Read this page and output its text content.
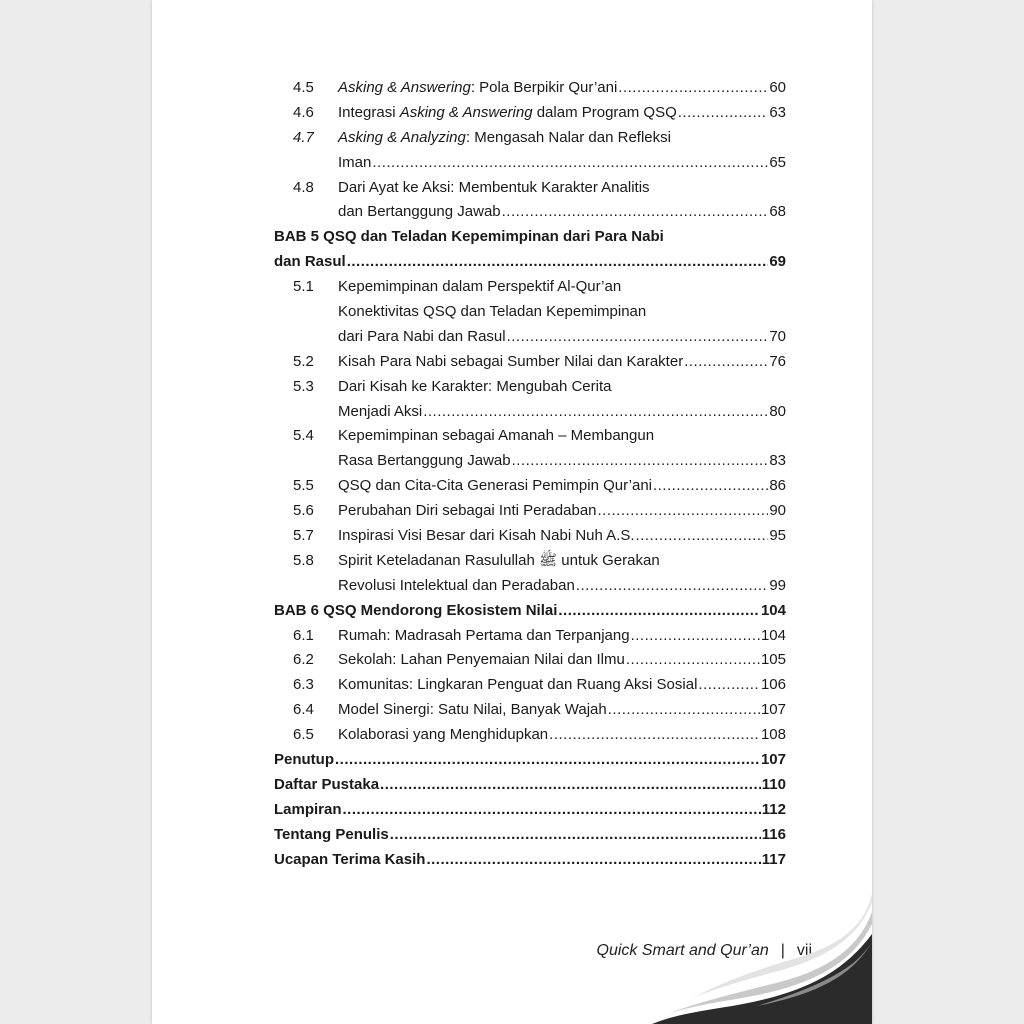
4.5	Asking & Answering: Pola Berpikir Qur’ani .....	60
4.6	Integrasi Asking & Answering dalam Program QSQ .....	63
4.7	Asking & Analyzing: Mengasah Nalar dan Refleksi
Iman .....	65
4.8	Dari Ayat ke Aksi: Membentuk Karakter Analitis
dan Bertanggung Jawab .....	68
BAB 5 QSQ dan Teladan Kepemimpinan dari Para Nabi
dan Rasul .....	69
5.1	Kepemimpinan dalam Perspektif Al-Qur’an
Konektivitas QSQ dan Teladan Kepemimpinan
dari Para Nabi dan Rasul .....	70
5.2	Kisah Para Nabi sebagai Sumber Nilai dan Karakter .....	76
5.3	Dari Kisah ke Karakter: Mengubah Cerita
Menjadi Aksi .....	80
5.4	Kepemimpinan sebagai Amanah – Membangun
Rasa Bertanggung Jawab .....	83
5.5	QSQ dan Cita-Cita Generasi Pemimpin Qur’ani .....	86
5.6	Perubahan Diri sebagai Inti Peradaban .....	90
5.7	Inspirasi Visi Besar dari Kisah Nabi Nuh A.S. .....	95
5.8	Spirit Keteladanan Rasulullah ﷺ untuk Gerakan
Revolusi Intelektual dan Peradaban .....	99
BAB 6 QSQ Mendorong Ekosistem Nilai .....	104
6.1	Rumah: Madrasah Pertama dan Terpanjang .....	104
6.2	Sekolah: Lahan Penyemaian Nilai dan Ilmu .....	105
6.3	Komunitas: Lingkaran Penguat dan Ruang Aksi Sosial .....	106
6.4	Model Sinergi: Satu Nilai, Banyak Wajah .....	107
6.5	Kolaborasi yang Menghidupkan .....	108
Penutup .....	107
Daftar Pustaka .....	110
Lampiran .....	112
Tentang Penulis .....	116
Ucapan Terima Kasih .....	117
Quick Smart and Qur’an | vii
